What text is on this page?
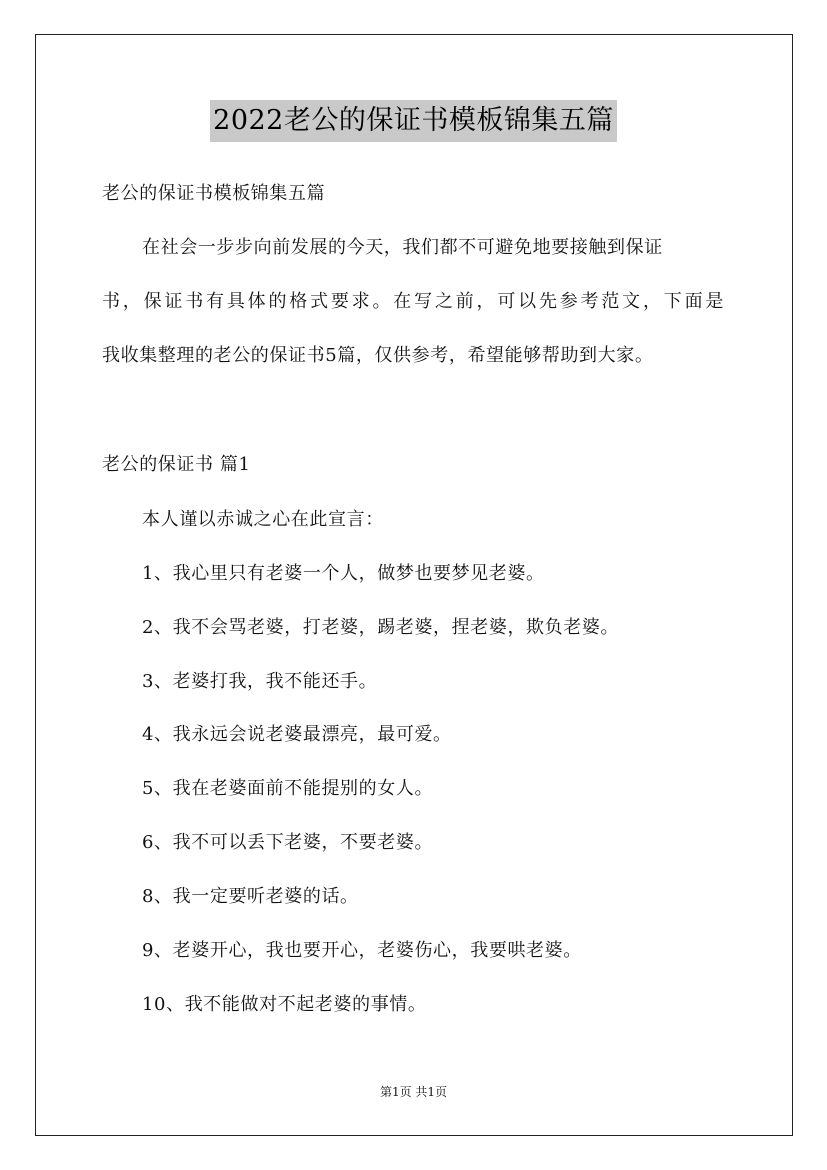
2022老公的保证书模板锦集五篇
老公的保证书模板锦集五篇
在社会一步步向前发展的今天，我们都不可避免地要接触到保证
书，保证书有具体的格式要求。在写之前，可以先参考范文，下面是
我收集整理的老公的保证书5篇，仅供参考，希望能够帮助到大家。
老公的保证书 篇1
本人谨以赤诚之心在此宣言：
1、我心里只有老婆一个人，做梦也要梦见老婆。
2、我不会骂老婆，打老婆，踢老婆，捏老婆，欺负老婆。
3、老婆打我，我不能还手。
4、我永远会说老婆最漂亮，最可爱。
5、我在老婆面前不能提别的女人。
6、我不可以丢下老婆，不要老婆。
8、我一定要听老婆的话。
9、老婆开心，我也要开心，老婆伤心，我要哄老婆。
10、我不能做对不起老婆的事情。
第1页 共1页
